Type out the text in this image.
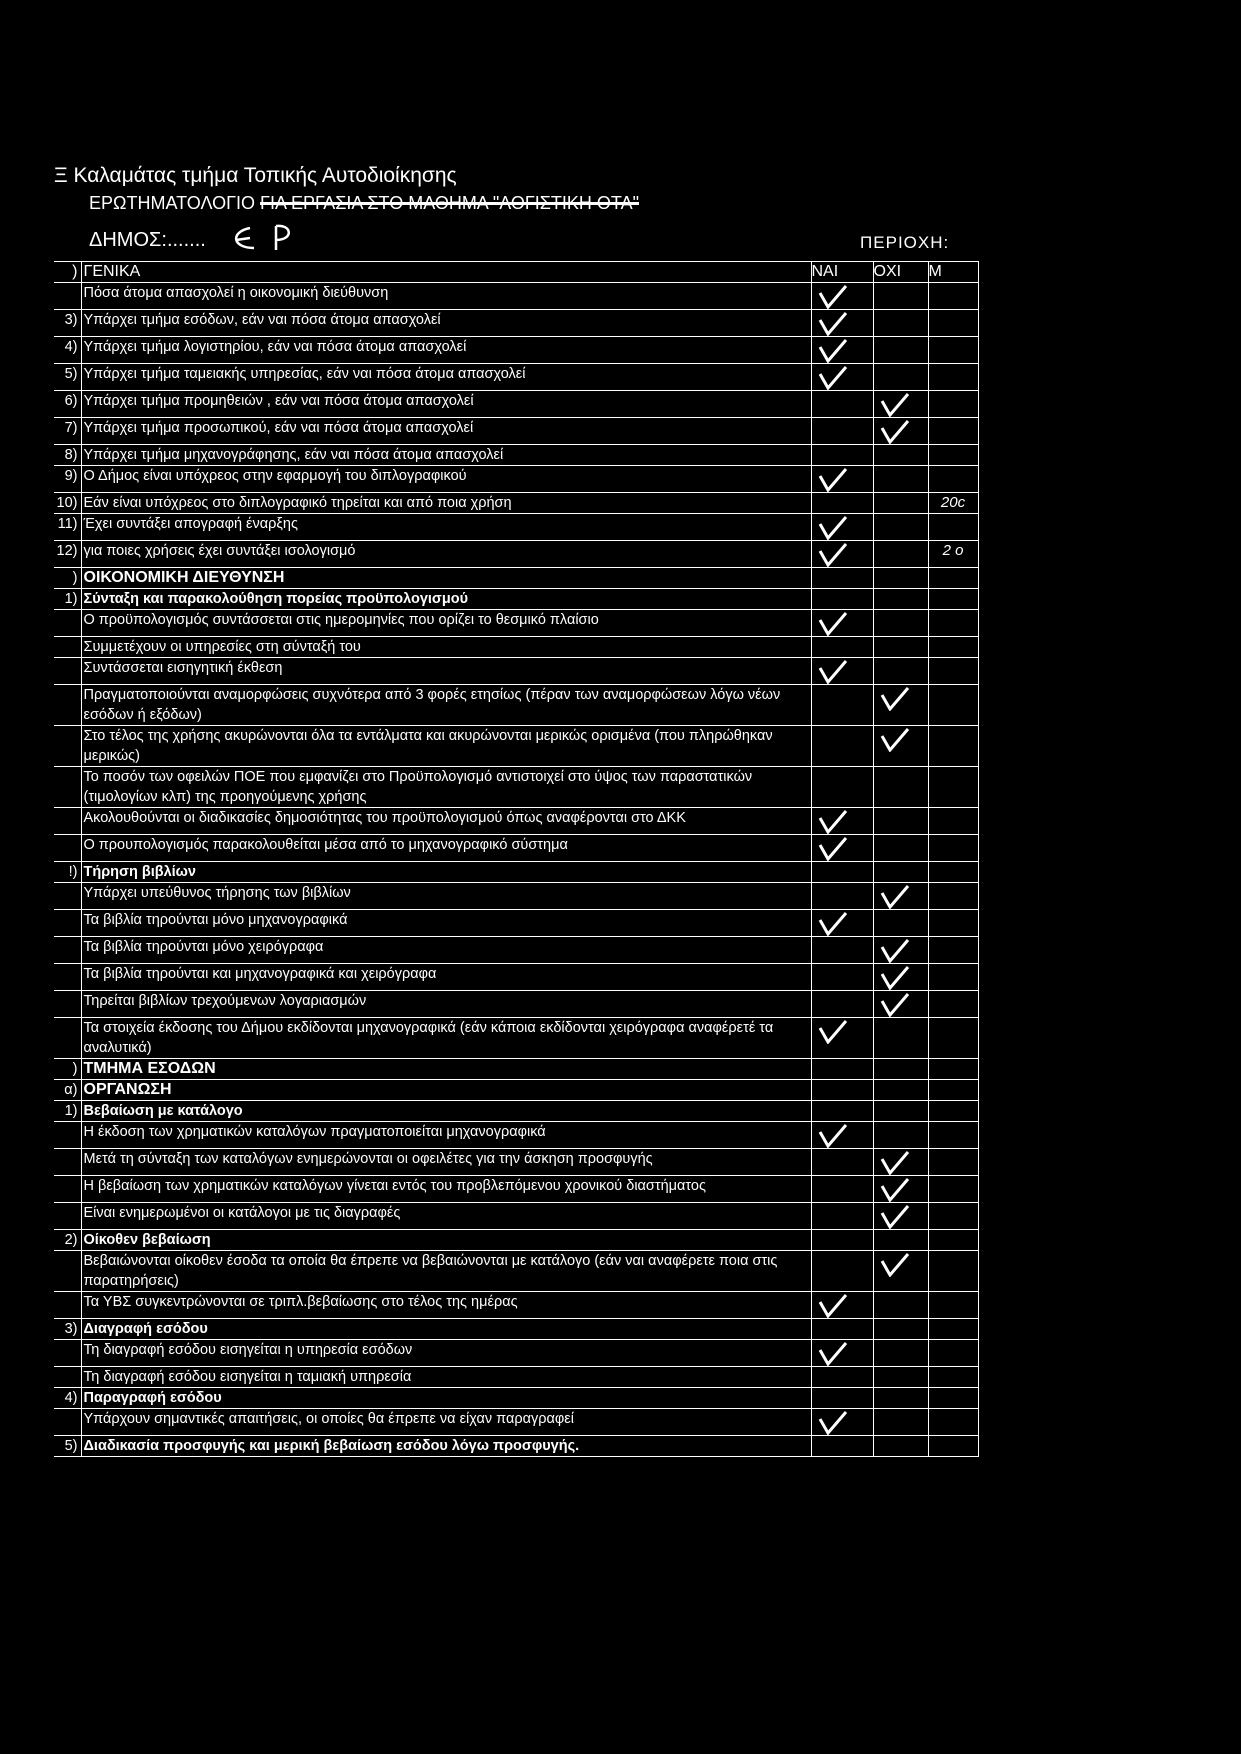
Ξ Καλαμάτας τμήμα Τοπικής Αυτοδιοίκησης
ΕΡΩΤΗΜΑΤΟΛΟΓΙΟ ΓΙΑ ΕΡΓΑΣΙΑ ΣΤΟ ΜΑΘΗΜΑ "ΛΟΓΙΣΤΙΚΗ ΟΤΑ"
ΔΗΜΟΣ:.......	ΠΕΡΙΟΧΗ:
)	ΓΕΝΙΚΑ	ΝΑΙ	ΟΧΙ	Μ
	Πόσα άτομα απασχολεί η οικονομική διεύθυνση	

3)	Υπάρχει τμήμα εσόδων, εάν ναι πόσα άτομα απασχολεί	

4)	Υπάρχει τμήμα λογιστηρίου, εάν ναι πόσα άτομα απασχολεί	

5)	Υπάρχει τμήμα ταμειακής υπηρεσίας, εάν ναι πόσα άτομα απασχολεί	

6)	Υπάρχει τμήμα προμηθειών , εάν ναι πόσα άτομα απασχολεί		

7)	Υπάρχει τμήμα προσωπικού, εάν ναι πόσα άτομα απασχολεί		

8)	Υπάρχει τμήμα μηχανογράφησης, εάν ναι πόσα άτομα απασχολεί			
9)	Ο Δήμος είναι υπόχρεος στην εφαρμογή του διπλογραφικού	

10)	Εάν είναι υπόχρεος στο διπλογραφικό τηρείται και από ποια χρήση			20c

11)	Έχει συντάξει απογραφή έναρξης	

12)	για ποιες χρήσεις έχει συντάξει ισολογισμό			2 o

)	ΟΙΚΟΝΟΜΙΚΗ ΔΙΕΥΘΥΝΣΗ			
1)	Σύνταξη και παρακολούθηση πορείας προϋπολογισμού			
	Ο προϋπολογισμός συντάσσεται στις ημερομηνίες που ορίζει το θεσμικό πλαίσιο	

	Συμμετέχουν οι υπηρεσίες στη σύνταξή του			
	Συντάσσεται εισηγητική έκθεση	

	Πραγματοποιούνται αναμορφώσεις συχνότερα από 3 φορές ετησίως (πέραν των αναμορφώσεων λόγω νέων εσόδων ή εξόδων)		

	Στο τέλος της χρήσης ακυρώνονται όλα τα εντάλματα και ακυρώνονται μερικώς ορισμένα (που πληρώθηκαν μερικώς)		

	Το ποσόν των οφειλών ΠΟΕ που εμφανίζει στο Προϋπολογισμό αντιστοιχεί στο ύψος των παραστατικών (τιμολογίων κλπ) της προηγούμενης χρήσης			
	Ακολουθούνται οι διαδικασίες δημοσιότητας του προϋπολογισμού όπως αναφέρονται στο ΔΚΚ	

	Ο προυπολογισμός παρακολουθείται μέσα από το μηχανογραφικό σύστημα	

!)	Τήρηση βιβλίων			
	Υπάρχει υπεύθυνος τήρησης των βιβλίων		

	Τα βιβλία τηρούνται μόνο μηχανογραφικά	

	Τα βιβλία τηρούνται μόνο χειρόγραφα		

	Τα βιβλία τηρούνται και μηχανογραφικά και χειρόγραφα		

	Τηρείται βιβλίων τρεχούμενων λογαριασμών		

	Τα στοιχεία έκδοσης του Δήμου εκδίδονται μηχανογραφικά (εάν κάποια εκδίδονται χειρόγραφα αναφέρετέ τα αναλυτικά)	

)	ΤΜΗΜΑ ΕΣΟΔΩΝ			
α)	ΟΡΓΑΝΩΣΗ			
1)	Βεβαίωση με κατάλογο			
	Η έκδοση των χρηματικών καταλόγων πραγματοποιείται μηχανογραφικά	

	Μετά τη σύνταξη των καταλόγων ενημερώνονται οι οφειλέτες για την άσκηση προσφυγής		

	Η βεβαίωση των χρηματικών καταλόγων γίνεται εντός του προβλεπόμενου χρονικού διαστήματος		

	Είναι ενημερωμένοι οι κατάλογοι με τις διαγραφές		

2)	Οίκοθεν βεβαίωση			
	Βεβαιώνονται οίκοθεν έσοδα τα οποία θα έπρεπε να βεβαιώνονται με κατάλογο (εάν ναι αναφέρετε ποια στις παρατηρήσεις)		

	Τα ΥΒΣ συγκεντρώνονται σε τριπλ.βεβαίωσης στο τέλος της ημέρας	

3)	Διαγραφή εσόδου			
	Τη διαγραφή εσόδου εισηγείται η υπηρεσία εσόδων	

	Τη διαγραφή εσόδου εισηγείται η ταμιακή υπηρεσία			
4)	Παραγραφή εσόδου			
	Υπάρχουν σημαντικές απαιτήσεις, οι οποίες θα έπρεπε να είχαν παραγραφεί	

5)	Διαδικασία προσφυγής και μερική βεβαίωση εσόδου λόγω προσφυγής.			
